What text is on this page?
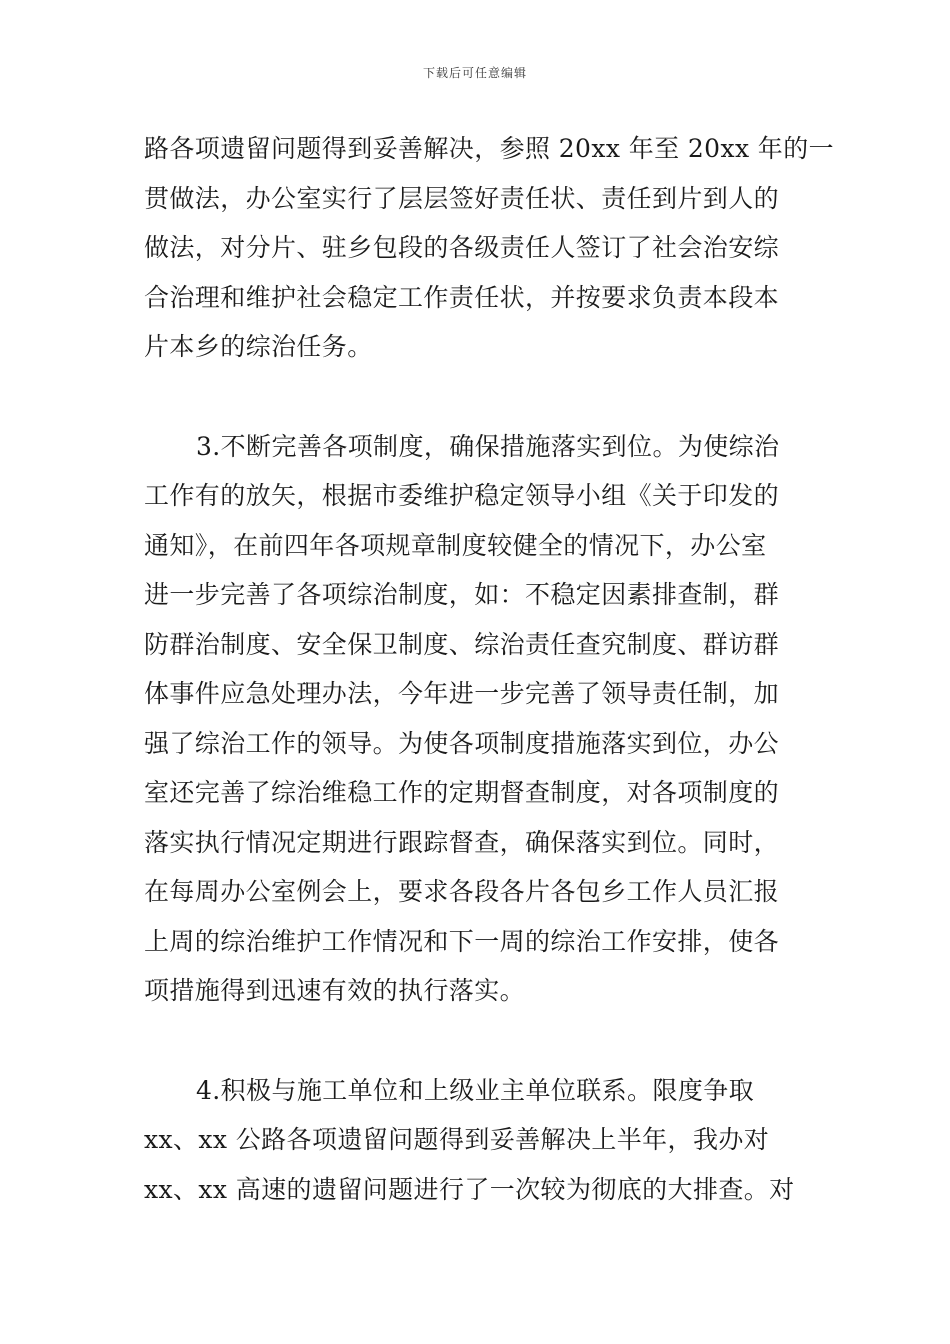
下载后可任意编辑
路各项遗留问题得到妥善解决，参照 20xx 年至 20xx 年的一
贯做法，办公室实行了层层签好责任状、责任到片到人的
做法，对分片、驻乡包段的各级责任人签订了社会治安综
合治理和维护社会稳定工作责任状，并按要求负责本段本
片本乡的综治任务。
3.不断完善各项制度，确保措施落实到位。为使综治
工作有的放矢，根据市委维护稳定领导小组《关于印发的
通知》，在前四年各项规章制度较健全的情况下，办公室
进一步完善了各项综治制度，如：不稳定因素排查制，群
防群治制度、安全保卫制度、综治责任查究制度、群访群
体事件应急处理办法，今年进一步完善了领导责任制，加
强了综治工作的领导。为使各项制度措施落实到位，办公
室还完善了综治维稳工作的定期督查制度，对各项制度的
落实执行情况定期进行跟踪督查，确保落实到位。同时，
在每周办公室例会上，要求各段各片各包乡工作人员汇报
上周的综治维护工作情况和下一周的综治工作安排，使各
项措施得到迅速有效的执行落实。
4.积极与施工单位和上级业主单位联系。限度争取
xx、xx 公路各项遗留问题得到妥善解决上半年，我办对
xx、xx 高速的遗留问题进行了一次较为彻底的大排查。对
